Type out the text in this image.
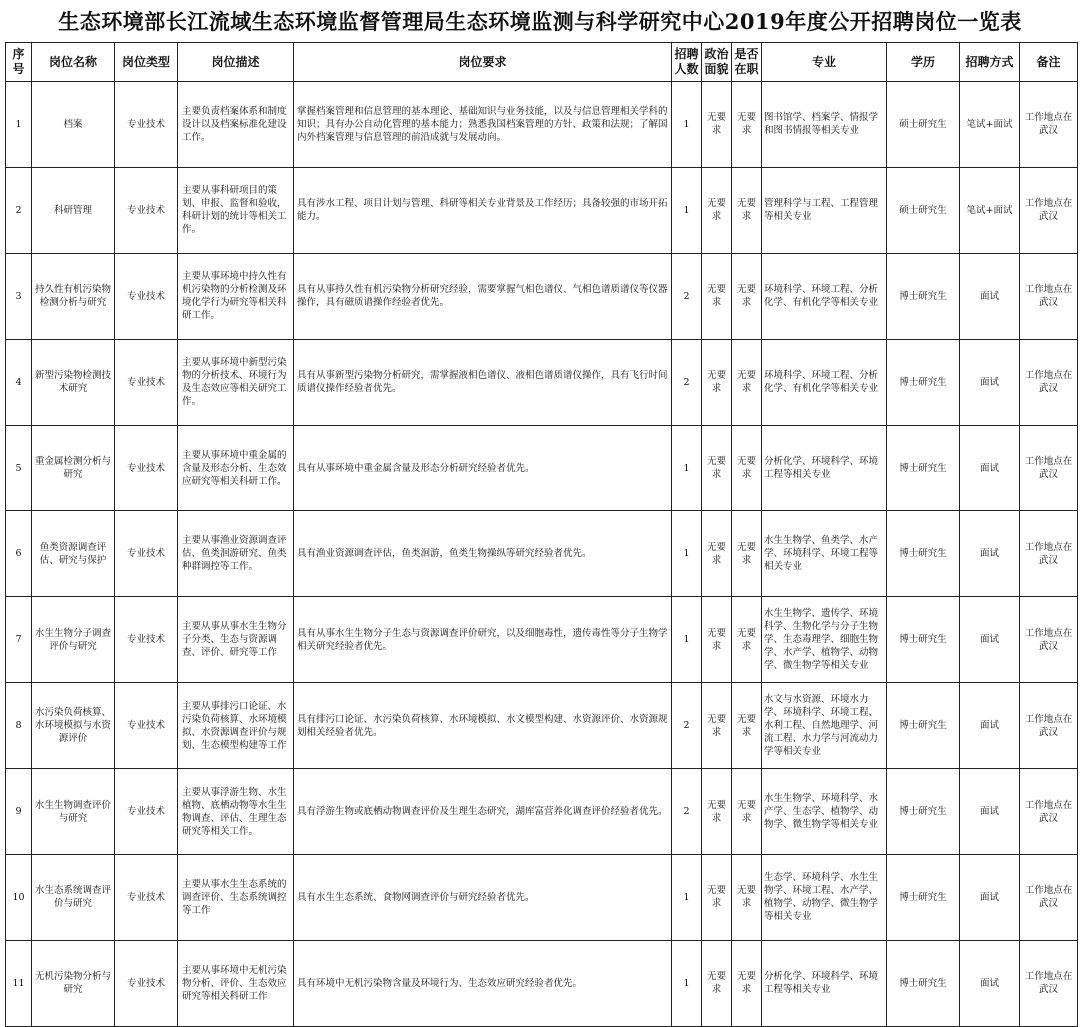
生态环境部长江流域生态环境监督管理局生态环境监测与科学研究中心2019年度公开招聘岗位一览表
序号	岗位名称	岗位类型	岗位描述	岗位要求	招聘人数	政治面貌	是否在职	专业	学历	招聘方式	备注
1	档案	专业技术	主要负责档案体系和制度设计以及档案标准化建设工作。	掌握档案管理和信息管理的基本理论、基础知识与业务技能，以及与信息管理相关学科的知识；具有办公自动化管理的基本能力；熟悉我国档案管理的方针、政策和法规；了解国内外档案管理与信息管理的前沿成就与发展动向。	1	无要求	无要求	图书馆学、档案学、情报学和图书情报等相关专业	硕士研究生	笔试+面试	工作地点在武汉
2	科研管理	专业技术	主要从事科研项目的策划、申报、监督和验收，科研计划的统计等相关工作。	具有涉水工程、项目计划与管理、科研等相关专业背景及工作经历；具备较强的市场开拓能力。	1	无要求	无要求	管理科学与工程、工程管理等相关专业	硕士研究生	笔试+面试	工作地点在武汉
3	持久性有机污染物检测分析与研究	专业技术	主要从事环境中持久性有机污染物的分析检测及环境化学行为研究等相关科研工作。	具有从事持久性有机污染物分析研究经验，需要掌握气相色谱仪、气相色谱质谱仪等仪器操作，具有磁质谱操作经验者优先。	2	无要求	无要求	环境科学、环境工程、分析化学、有机化学等相关专业	博士研究生	面试	工作地点在武汉
4	新型污染物检测技术研究	专业技术	主要从事环境中新型污染物的分析技术、环境行为及生态效应等相关研究工作。	具有从事新型污染物分析研究，需掌握液相色谱仪、液相色谱质谱仪操作，具有飞行时间质谱仪操作经验者优先。	2	无要求	无要求	环境科学、环境工程、分析化学、有机化学等相关专业	博士研究生	面试	工作地点在武汉
5	重金属检测分析与研究	专业技术	主要从事环境中重金属的含量及形态分析、生态效应研究等相关科研工作。	具有从事环境中重金属含量及形态分析研究经验者优先。	1	无要求	无要求	分析化学、环境科学、环境工程等相关专业	博士研究生	面试	工作地点在武汉
6	鱼类资源调查评估、研究与保护	专业技术	主要从事渔业资源调查评估、鱼类洄游研究、鱼类种群调控等工作。	具有渔业资源调查评估，鱼类洄游，鱼类生物操纵等研究经验者优先。	1	无要求	无要求	水生生物学、鱼类学、水产学、环境科学、环境工程等相关专业	博士研究生	面试	工作地点在武汉
7	水生生物分子调查评价与研究	专业技术	主要从事从事水生生物分子分类、生态与资源调查、评价、研究等工作	具有从事水生生物分子生态与资源调查评价研究，以及细胞毒性，遗传毒性等分子生物学相关研究经验者优先。	1	无要求	无要求	水生生物学、遗传学、环境科学、生物化学与分子生物学、生态毒理学、细胞生物学、水产学、植物学、动物学、微生物学等相关专业	博士研究生	面试	工作地点在武汉
8	水污染负荷核算、水环境模拟与水资源评价	专业技术	主要从事排污口论证、水污染负荷核算、水环境模拟、水资源调查评价与规划、生态模型构建等工作	具有排污口论证、水污染负荷核算、水环境模拟、水文模型构建、水资源评价、水资源规划相关经验者优先。	2	无要求	无要求	水文与水资源、环境水力学、环境科学、环境工程、水利工程、自然地理学、河流工程、水力学与河流动力学等相关专业	博士研究生	面试	工作地点在武汉
9	水生生物调查评价与研究	专业技术	主要从事浮游生物、水生植物、底栖动物等水生生物调查、评估、生理生态研究等相关工作。	具有浮游生物或底栖动物调查评价及生理生态研究，湖库富营养化调查评价经验者优先。	2	无要求	无要求	水生生物学、环境科学、水产学、生态学、植物学、动物学、微生物学等相关专业	博士研究生	面试	工作地点在武汉
10	水生态系统调查评价与研究	专业技术	主要从事水生生态系统的调查评价、生态系统调控等工作	具有水生生态系统、食物网调查评价与研究经验者优先。	1	无要求	无要求	生态学、环境科学、水生生物学、环境工程、水产学、植物学、动物学、微生物学等相关专业	博士研究生	面试	工作地点在武汉
11	无机污染物分析与研究	专业技术	主要从事环境中无机污染物分析、评价、生态效应研究等相关科研工作	具有环境中无机污染物含量及环境行为、生态效应研究经验者优先。	1	无要求	无要求	分析化学、环境科学、环境工程等相关专业	博士研究生	面试	工作地点在武汉
